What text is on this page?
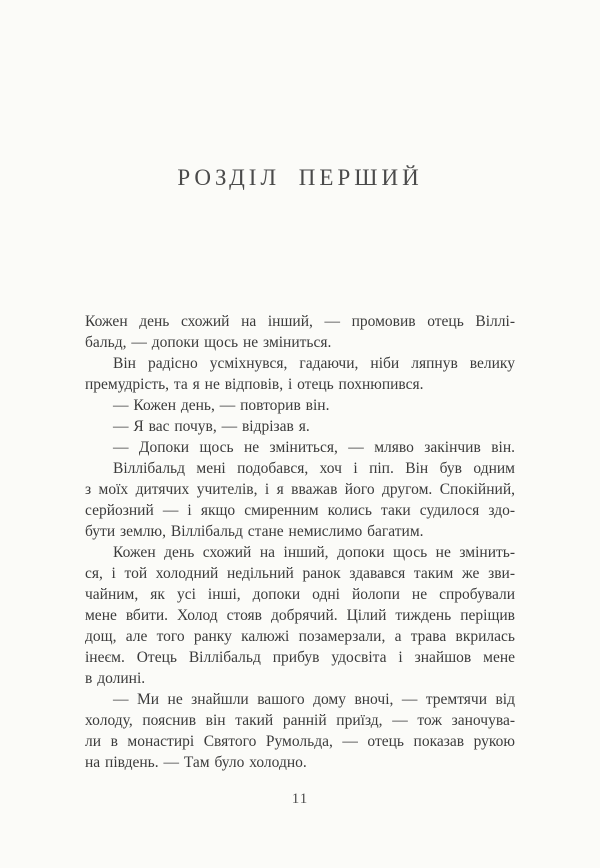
РОЗДІЛ ПЕРШИЙ
Кожен день схожий на інший, — промовив отець Віллі-
бальд, — допоки щось не зміниться.
Він радісно усміхнувся, гадаючи, ніби ляпнув велику
премудрість, та я не відповів, і отець похнюпився.
— Кожен день, — повторив він.
— Я вас почув, — відрізав я.
— Допоки щось не зміниться, — мляво закінчив він.
Віллібальд мені подобався, хоч і піп. Він був одним
з моїх дитячих учителів, і я вважав його другом. Спокійний,
серйозний — і якщо смиренним колись таки судилося здо-
бути землю, Віллібальд стане немислимо багатим.
Кожен день схожий на інший, допоки щось не змінить-
ся, і той холодний недільний ранок здавався таким же зви-
чайним, як усі інші, допоки одні йолопи не спробували
мене вбити. Холод стояв добрячий. Цілий тиждень періщив
дощ, але того ранку калюжі позамерзали, а трава вкрилась
інеєм. Отець Віллібальд прибув удосвіта і знайшов мене
в долині.
— Ми не знайшли вашого дому вночі, — тремтячи від
холоду, пояснив він такий ранній приїзд, — тож заночува-
ли в монастирі Святого Румольда, — отець показав рукою
на південь. — Там було холодно.
11
